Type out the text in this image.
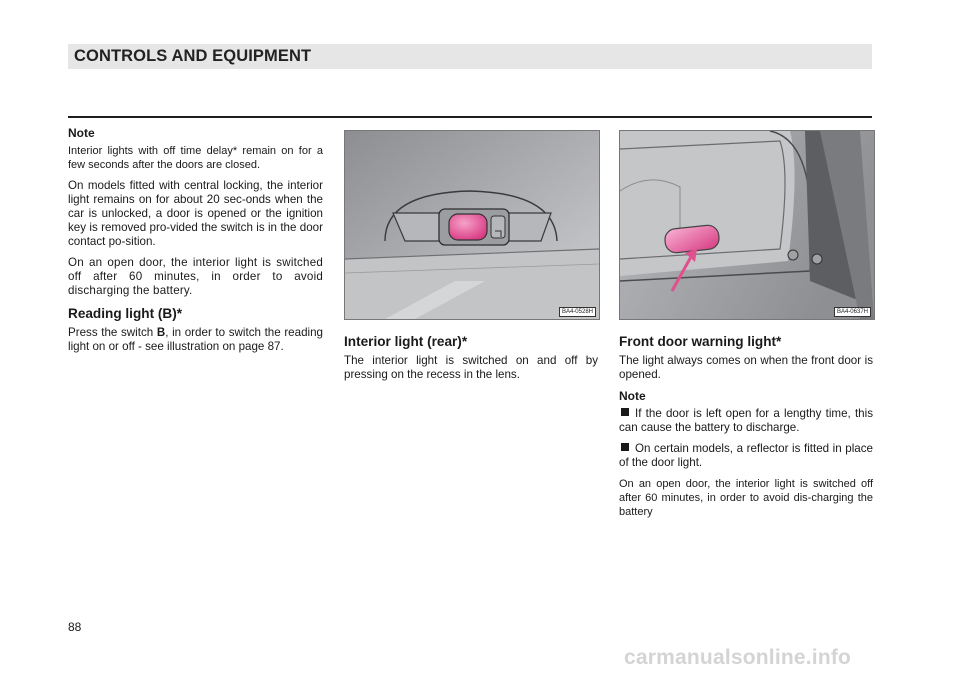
CONTROLS AND EQUIPMENT
Note

Interior lights with off time delay* remain on for a few seconds after the doors are closed.

On models fitted with central locking, the interior light remains on for about 20 sec-onds when the car is unlocked, a door is opened or the ignition key is removed pro-vided the switch is in the door contact po-sition.

On an open door, the interior light is switched off after 60 minutes, in order to avoid discharging the battery.

Reading light (B)*

Press the switch B, in order to switch the reading light on or off - see illustration on page 87.

BA4-0528H	BA4-0637H
Interior light (rear)*

The interior light is switched on and off by pressing on the recess in the lens.

Front door warning light*

The light always comes on when the front door is opened.

Note

If the door is left open for a lengthy time, this can cause the battery to discharge.

On certain models, a reflector is fitted in place of the door light.

On an open door, the interior light is switched off after 60 minutes, in order to avoid dis-charging the battery

88
carmanualsonline.info
